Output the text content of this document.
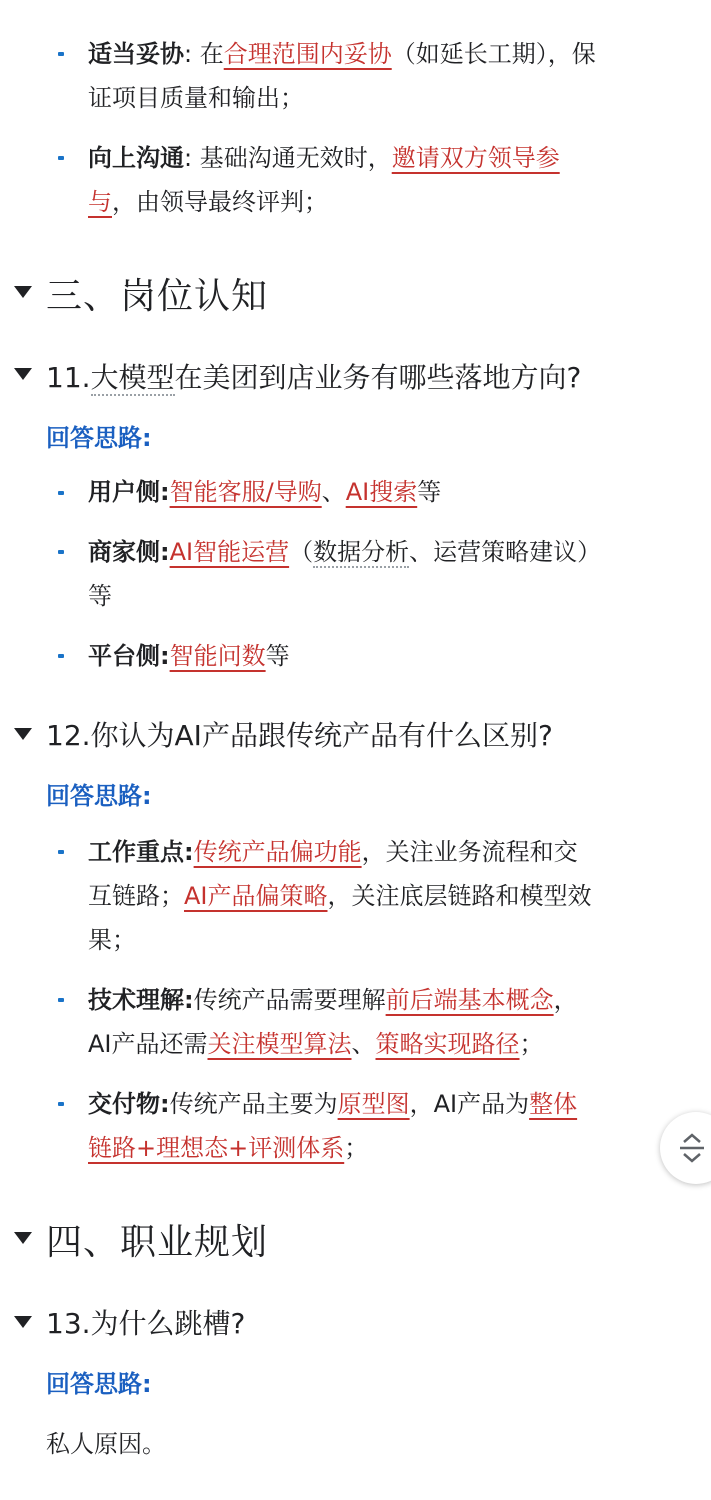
适当妥协: 在合理范围内妥协（如延长工期），保
证项目质量和输出；
向上沟通: 基础沟通无效时，邀请双方领导参
与，由领导最终评判；
三、岗位认知
11.大模型在美团到店业务有哪些落地方向?
回答思路:
用户侧:智能客服/导购、AI搜索等
商家侧:AI智能运营（数据分析、运营策略建议）
等
平台侧:智能问数等
12.你认为AI产品跟传统产品有什么区别?
回答思路:
工作重点:传统产品偏功能，关注业务流程和交
互链路；AI产品偏策略，关注底层链路和模型效
果；
技术理解:传统产品需要理解前后端基本概念，
AI产品还需关注模型算法、策略实现路径；
交付物:传统产品主要为原型图，AI产品为整体
链路+理想态+评测体系；
四、职业规划
13.为什么跳槽?
回答思路:
私人原因。
